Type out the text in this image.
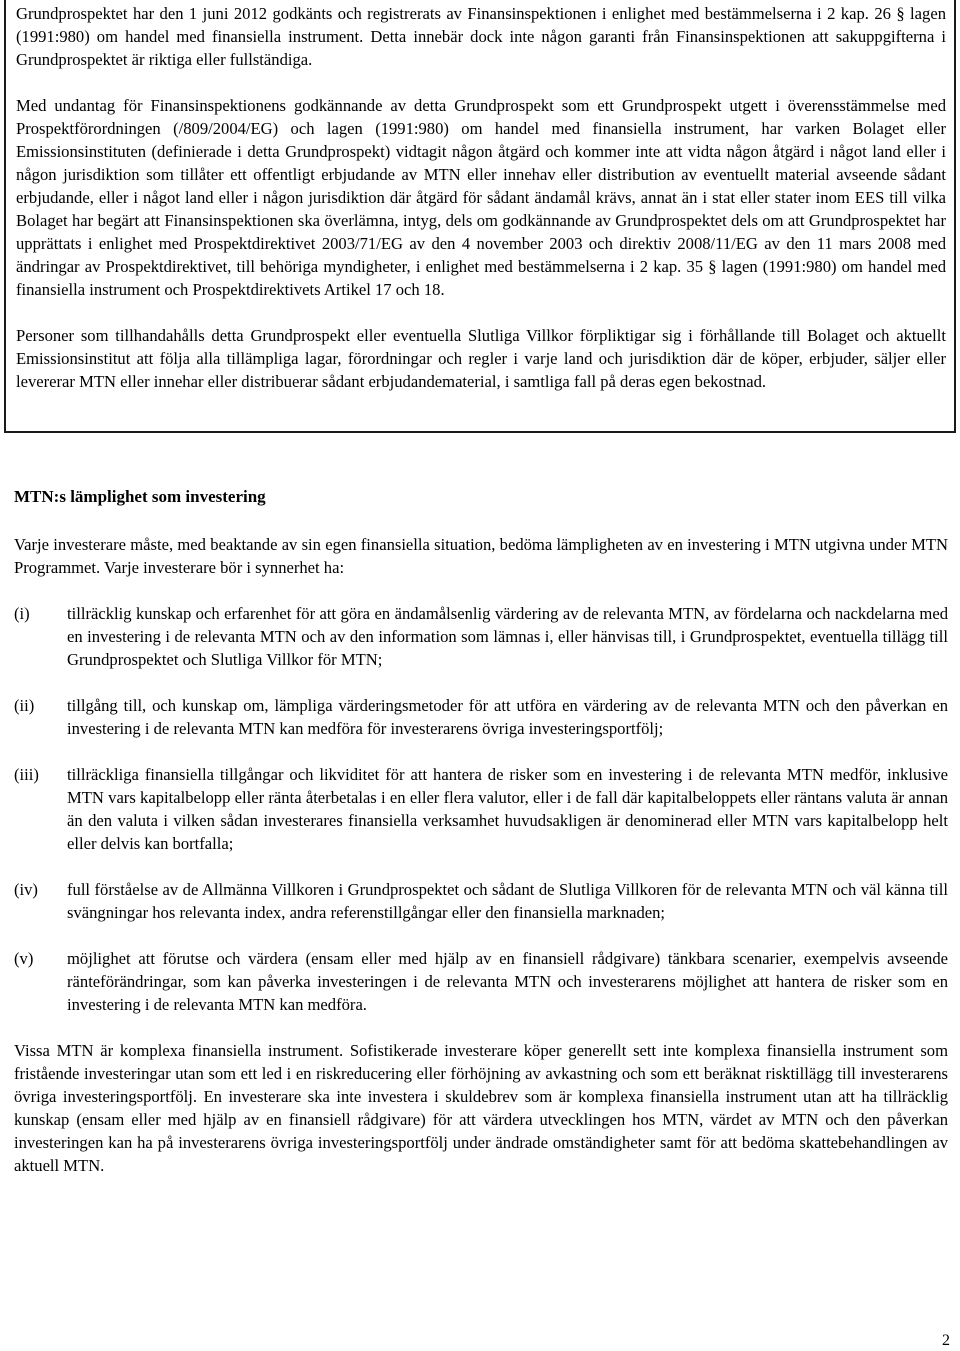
Grundprospektet har den 1 juni 2012 godkänts och registrerats av Finansinspektionen i enlighet med bestämmelserna i 2 kap. 26 § lagen (1991:980) om handel med finansiella instrument. Detta innebär dock inte någon garanti från Finansinspektionen att sakuppgifterna i Grundprospektet är riktiga eller fullständiga.

Med undantag för Finansinspektionens godkännande av detta Grundprospekt som ett Grundprospekt utgett i överensstämmelse med Prospektförordningen (/809/2004/EG) och lagen (1991:980) om handel med finansiella instrument, har varken Bolaget eller Emissionsinstituten (definierade i detta Grundprospekt) vidtagit någon åtgärd och kommer inte att vidta någon åtgärd i något land eller i någon jurisdiktion som tillåter ett offentligt erbjudande av MTN eller innehav eller distribution av eventuellt material avseende sådant erbjudande, eller i något land eller i någon jurisdiktion där åtgärd för sådant ändamål krävs, annat än i stat eller stater inom EES till vilka Bolaget har begärt att Finansinspektionen ska överlämna, intyg, dels om godkännande av Grundprospektet dels om att Grundprospektet har upprättats i enlighet med Prospektdirektivet 2003/71/EG av den 4 november 2003 och direktiv 2008/11/EG av den 11 mars 2008 med ändringar av Prospektdirektivet, till behöriga myndigheter, i enlighet med bestämmelserna i 2 kap. 35 § lagen (1991:980) om handel med finansiella instrument och Prospektdirektivets Artikel 17 och 18.

Personer som tillhandahålls detta Grundprospekt eller eventuella Slutliga Villkor förpliktigar sig i förhållande till Bolaget och aktuellt Emissionsinstitut att följa alla tillämpliga lagar, förordningar och regler i varje land och jurisdiktion där de köper, erbjuder, säljer eller levererar MTN eller innehar eller distribuerar sådant erbjudandematerial, i samtliga fall på deras egen bekostnad.

MTN:s lämplighet som investering

Varje investerare måste, med beaktande av sin egen finansiella situation, bedöma lämpligheten av en investering i MTN utgivna under MTN Programmet. Varje investerare bör i synnerhet ha:

(i) tillräcklig kunskap och erfarenhet för att göra en ändamålsenlig värdering av de relevanta MTN, av fördelarna och nackdelarna med en investering i de relevanta MTN och av den information som lämnas i, eller hänvisas till, i Grundprospektet, eventuella tillägg till Grundprospektet och Slutliga Villkor för MTN;
(ii) tillgång till, och kunskap om, lämpliga värderingsmetoder för att utföra en värdering av de relevanta MTN och den påverkan en investering i de relevanta MTN kan medföra för investerarens övriga investeringsportfölj;
(iii) tillräckliga finansiella tillgångar och likviditet för att hantera de risker som en investering i de relevanta MTN medför, inklusive MTN vars kapitalbelopp eller ränta återbetalas i en eller flera valutor, eller i de fall där kapitalbeloppets eller räntans valuta är annan än den valuta i vilken sådan investerares finansiella verksamhet huvudsakligen är denominerad eller MTN vars kapitalbelopp helt eller delvis kan bortfalla;
(iv) full förståelse av de Allmänna Villkoren i Grundprospektet och sådant de Slutliga Villkoren för de relevanta MTN och väl känna till svängningar hos relevanta index, andra referenstillgångar eller den finansiella marknaden;
(v) möjlighet att förutse och värdera (ensam eller med hjälp av en finansiell rådgivare) tänkbara scenarier, exempelvis avseende ränteförändringar, som kan påverka investeringen i de relevanta MTN och investerarens möjlighet att hantera de risker som en investering i de relevanta MTN kan medföra.

Vissa MTN är komplexa finansiella instrument. Sofistikerade investerare köper generellt sett inte komplexa finansiella instrument som fristående investeringar utan som ett led i en riskreducering eller förhöjning av avkastning och som ett beräknat risktillägg till investerarens övriga investeringsportfölj. En investerare ska inte investera i skuldebrev som är komplexa finansiella instrument utan att ha tillräcklig kunskap (ensam eller med hjälp av en finansiell rådgivare) för att värdera utvecklingen hos MTN, värdet av MTN och den påverkan investeringen kan ha på investerarens övriga investeringsportfölj under ändrade omständigheter samt för att bedöma skattebehandlingen av aktuell MTN.

2
